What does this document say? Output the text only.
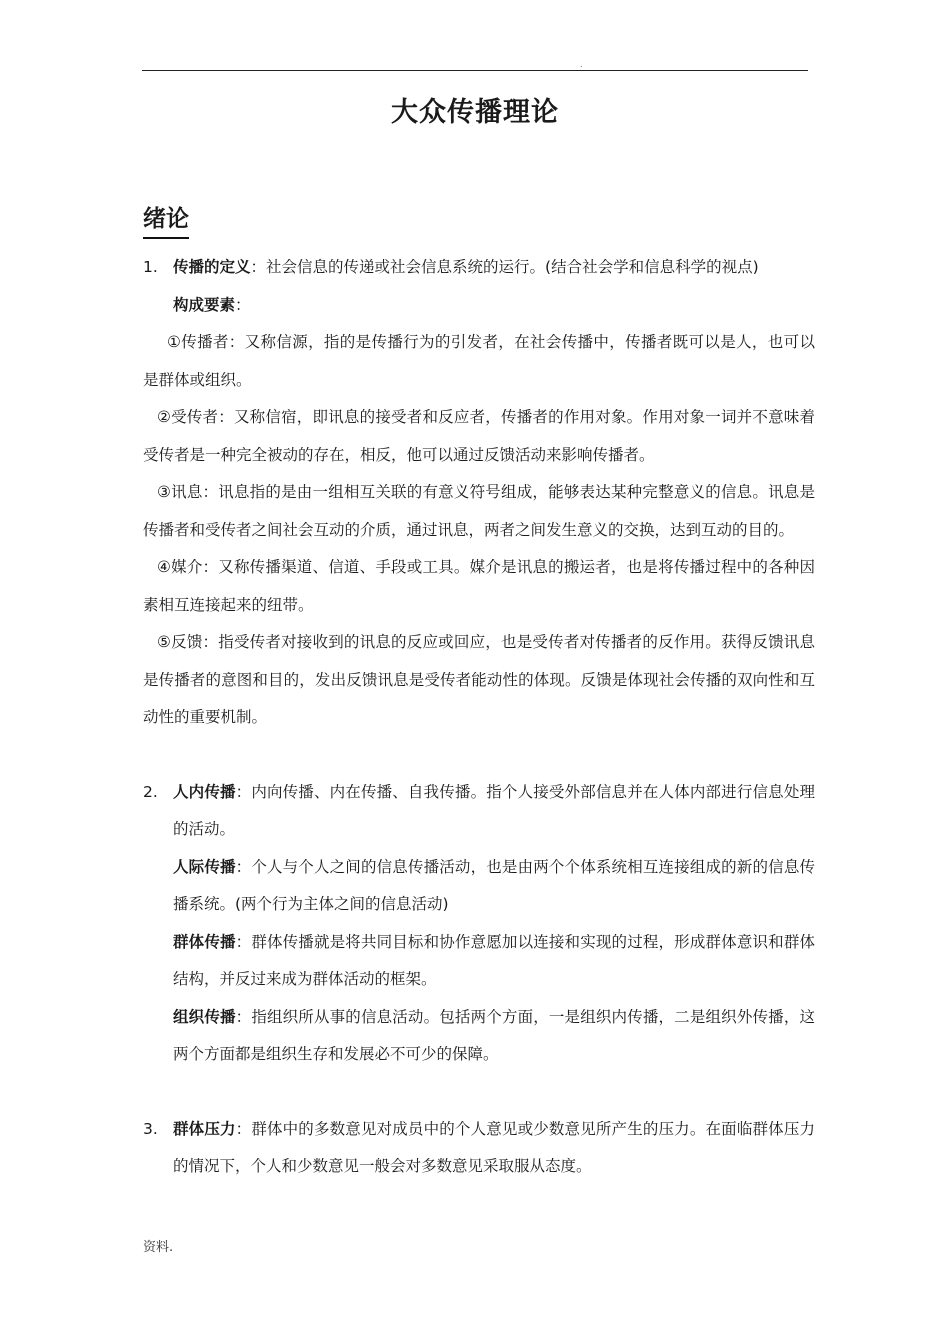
.
大众传播理论
绪论

1. 传播的定义：社会信息的传递或社会信息系统的运行。(结合社会学和信息科学的视点)

构成要素：

①传播者：又称信源，指的是传播行为的引发者，在社会传播中，传播者既可以是人，也可以是群体或组织。

②受传者：又称信宿，即讯息的接受者和反应者，传播者的作用对象。作用对象一词并不意味着受传者是一种完全被动的存在，相反，他可以通过反馈活动来影响传播者。

③讯息：讯息指的是由一组相互关联的有意义符号组成，能够表达某种完整意义的信息。讯息是传播者和受传者之间社会互动的介质，通过讯息，两者之间发生意义的交换，达到互动的目的。

④媒介：又称传播渠道、信道、手段或工具。媒介是讯息的搬运者，也是将传播过程中的各种因素相互连接起来的纽带。

⑤反馈：指受传者对接收到的讯息的反应或回应，也是受传者对传播者的反作用。获得反馈讯息是传播者的意图和目的，发出反馈讯息是受传者能动性的体现。反馈是体现社会传播的双向性和互动性的重要机制。

2. 人内传播：内向传播、内在传播、自我传播。指个人接受外部信息并在人体内部进行信息处理的活动。

人际传播：个人与个人之间的信息传播活动，也是由两个个体系统相互连接组成的新的信息传播系统。(两个行为主体之间的信息活动)

群体传播：群体传播就是将共同目标和协作意愿加以连接和实现的过程，形成群体意识和群体结构，并反过来成为群体活动的框架。

组织传播：指组织所从事的信息活动。包括两个方面，一是组织内传播，二是组织外传播，这两个方面都是组织生存和发展必不可少的保障。

3. 群体压力：群体中的多数意见对成员中的个人意见或少数意见所产生的压力。在面临群体压力的情况下，个人和少数意见一般会对多数意见采取服从态度。

资料.
